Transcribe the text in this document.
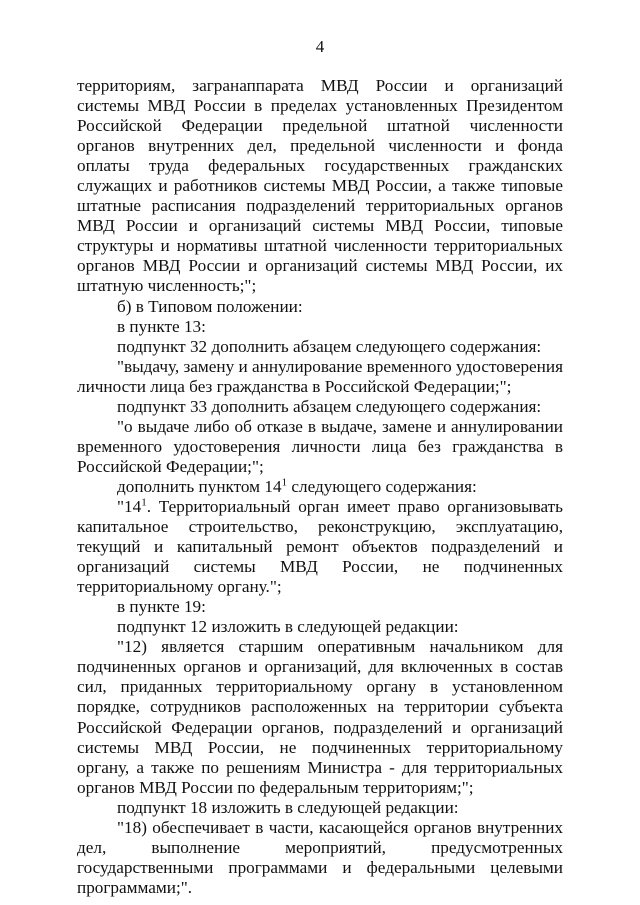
4

территориям, загранаппарата МВД России и организаций системы МВД России в пределах установленных Президентом Российской Федерации предельной штатной численности органов внутренних дел, предельной численности и фонда оплаты труда федеральных государственных гражданских служащих и работников системы МВД России, а также типовые штатные расписания подразделений территориальных органов МВД России и организаций системы МВД России, типовые структуры и нормативы штатной численности территориальных органов МВД России и организаций системы МВД России, их штатную численность;";

б) в Типовом положении:

в пункте 13:

подпункт 32 дополнить абзацем следующего содержания:

"выдачу, замену и аннулирование временного удостоверения личности лица без гражданства в Российской Федерации;";

подпункт 33 дополнить абзацем следующего содержания:

"о выдаче либо об отказе в выдаче, замене и аннулировании временного удостоверения личности лица без гражданства в Российской Федерации;";

дополнить пунктом $14^1$ следующего содержания:

"$14^1$. Территориальный орган имеет право организовывать капитальное строительство, реконструкцию, эксплуатацию, текущий и капитальный ремонт объектов подразделений и организаций системы МВД России, не подчиненных территориальному органу.";

в пункте 19:

подпункт 12 изложить в следующей редакции:

"12) является старшим оперативным начальником для подчиненных органов и организаций, для включенных в состав сил, приданных территориальному органу в установленном порядке, сотрудников расположенных на территории субъекта Российской Федерации органов, подразделений и организаций системы МВД России, не подчиненных территориальному органу, а также по решениям Министра - для территориальных органов МВД России по федеральным территориям;";

подпункт 18 изложить в следующей редакции:

"18) обеспечивает в части, касающейся органов внутренних дел, выполнение мероприятий, предусмотренных государственными программами и федеральными целевыми программами;".
